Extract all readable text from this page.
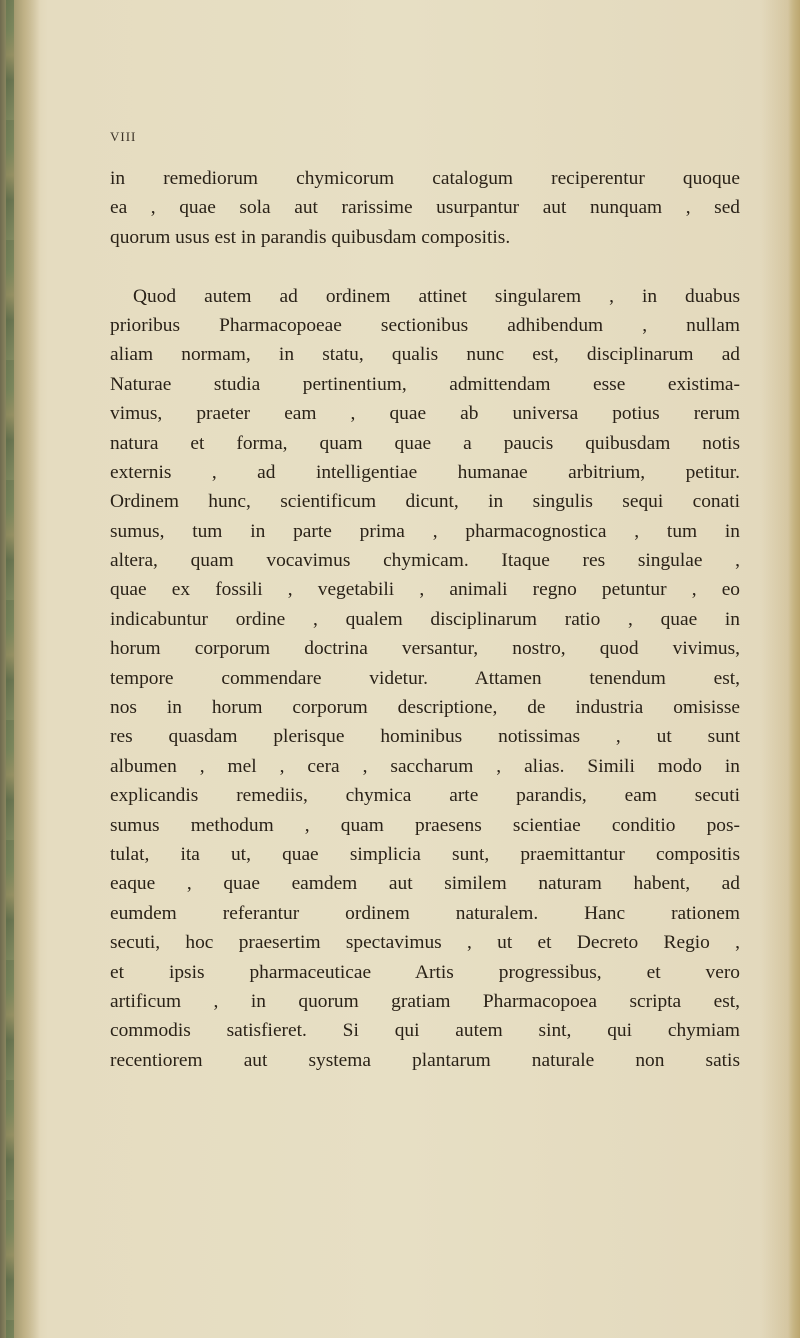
VIII
in remediorum chymicorum catalogum reciperentur quoque
ea , quae sola aut rarissime usurpantur aut nunquam , sed
quorum usus est in parandis quibusdam compositis.
Quod autem ad ordinem attinet singularem , in duabus
prioribus Pharmacopoeae sectionibus adhibendum , nullam
aliam normam, in statu, qualis nunc est, disciplinarum ad
Naturae studia pertinentium, admittendam esse existima-
vimus, praeter eam , quae ab universa potius rerum
natura et forma, quam quae a paucis quibusdam notis
externis , ad intelligentiae humanae arbitrium, petitur.
Ordinem hunc, scientificum dicunt, in singulis sequi conati
sumus, tum in parte prima , pharmacognostica , tum in
altera, quam vocavimus chymicam. Itaque res singulae ,
quae ex fossili , vegetabili , animali regno petuntur , eo
indicabuntur ordine , qualem disciplinarum ratio , quae in
horum corporum doctrina versantur, nostro, quod vivimus,
tempore commendare videtur. Attamen tenendum est,
nos in horum corporum descriptione, de industria omisisse
res quasdam plerisque hominibus notissimas , ut sunt
albumen , mel , cera , saccharum , alias. Simili modo in
explicandis remediis, chymica arte parandis, eam secuti
sumus methodum , quam praesens scientiae conditio pos-
tulat, ita ut, quae simplicia sunt, praemittantur compositis
eaque , quae eamdem aut similem naturam habent, ad
eumdem referantur ordinem naturalem. Hanc rationem
secuti, hoc praesertim spectavimus , ut et Decreto Regio ,
et ipsis pharmaceuticae Artis progressibus, et vero
artificum , in quorum gratiam Pharmacopoea scripta est,
commodis satisfieret. Si qui autem sint, qui chymiam
recentiorem aut systema plantarum naturale non satis
